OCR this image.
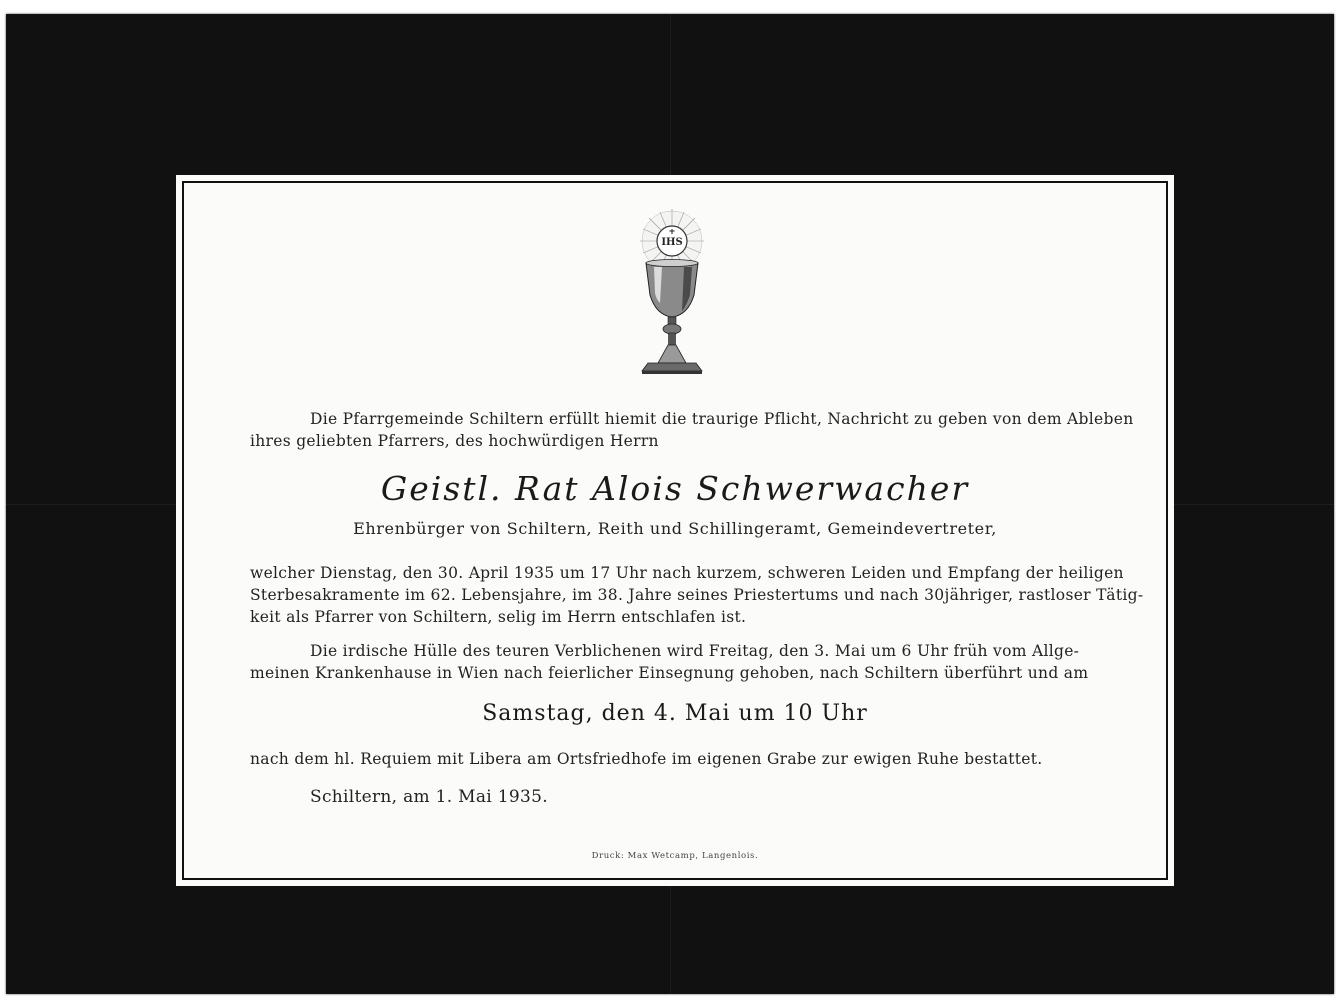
IHS
Die Pfarrgemeinde Schiltern erfüllt hiemit die traurige Pflicht, Nachricht zu geben von dem Ableben
ihres geliebten Pfarrers, des hochwürdigen Herrn
Geistl. Rat Alois Schwerwacher
Ehrenbürger von Schiltern, Reith und Schillingeramt, Gemeindevertreter,
welcher Dienstag, den 30. April 1935 um 17 Uhr nach kurzem, schweren Leiden und Empfang der heiligen
Sterbesakramente im 62. Lebensjahre, im 38. Jahre seines Priestertums und nach 30jähriger, rastloser Tätig-
keit als Pfarrer von Schiltern, selig im Herrn entschlafen ist.
Die irdische Hülle des teuren Verblichenen wird Freitag, den 3. Mai um 6 Uhr früh vom Allge-
meinen Krankenhause in Wien nach feierlicher Einsegnung gehoben, nach Schiltern überführt und am
Samstag, den 4. Mai um 10 Uhr
nach dem hl. Requiem mit Libera am Ortsfriedhofe im eigenen Grabe zur ewigen Ruhe bestattet.
Schiltern, am 1. Mai 1935.
Druck: Max Wetcamp, Langenlois.
